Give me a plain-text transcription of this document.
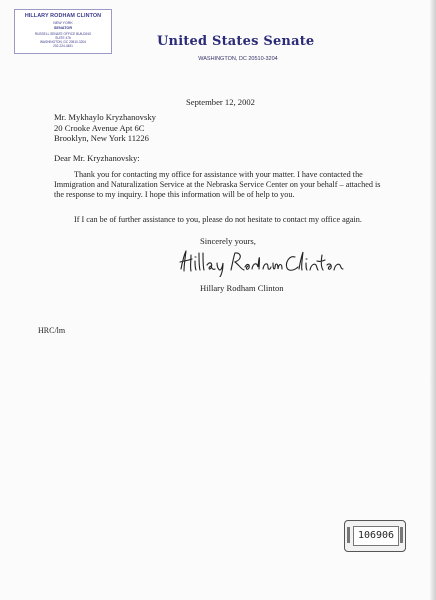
HILLARY RODHAM CLINTON
NEW YORK
SENATOR
RUSSELL SENATE OFFICE BUILDING
SUITE 476
WASHINGTON, DC 20510-3204
202-224-4451	United States Senate
WASHINGTON, DC 20510-3204
September 12, 2002
Mr. Mykhaylo Kryzhanovsky
20 Crooke Avenue Apt 6C
Brooklyn, New York 11226
Dear Mr. Kryzhanovsky:
Thank you for contacting my office for assistance with your matter. I have contacted the Immigration and Naturalization Service at the Nebraska Service Center on your behalf – attached is the response to my inquiry. I hope this information will be of help to you.
If I can be of further assistance to you, please do not hesitate to contact my office again.
Sincerely yours,
Hillary Rodham Clinton
HRC/lm
106906
